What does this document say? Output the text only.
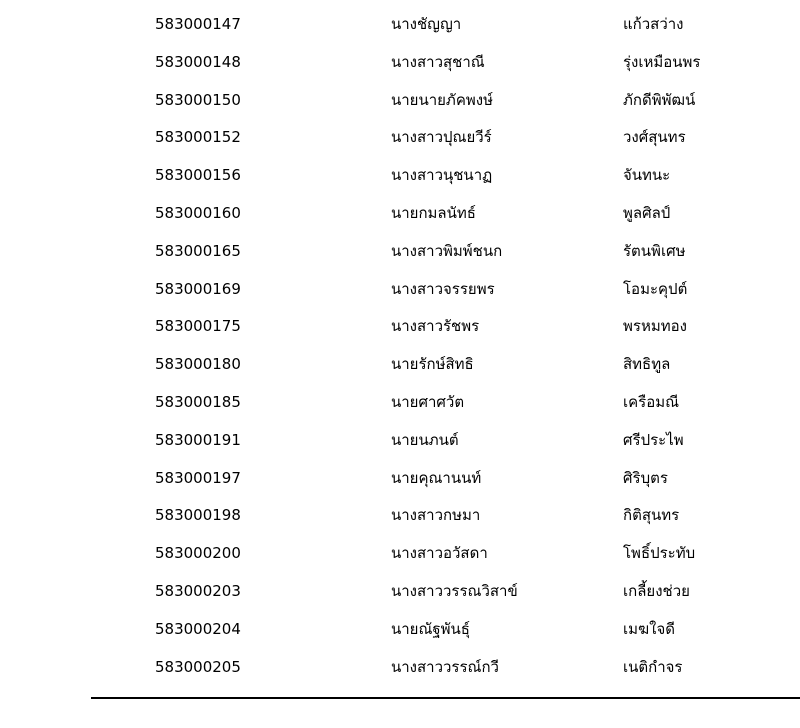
583000147	นางชัญญา	แก้วสว่าง
583000148	นางสาวสุชาณี	รุ่งเหมือนพร
583000150	นายนายภัคพงษ์	ภักดีพิพัฒน์
583000152	นางสาวปุณยวีร์	วงศ์สุนทร
583000156	นางสาวนุชนาฏ	จันทนะ
583000160	นายกมลนัทธ์	พูลศิลป์
583000165	นางสาวพิมพ์ชนก	รัตนพิเศษ
583000169	นางสาวจรรยพร	โอมะคุปต์
583000175	นางสาวรัชพร	พรหมทอง
583000180	นายรักษ์สิทธิ	สิทธิทูล
583000185	นายศาศวัต	เครือมณี
583000191	นายนภนต์	ศรีประไพ
583000197	นายคุณานนท์	ศิริบุตร
583000198	นางสาวกษมา	กิติสุนทร
583000200	นางสาวอวัสดา	โพธิ์ประทับ
583000203	นางสาววรรณวิสาข์	เกลี้ยงช่วย
583000204	นายณัฐพันธุ์	เมฆใจดี
583000205	นางสาววรรณ์กวี	เนติกำจร
